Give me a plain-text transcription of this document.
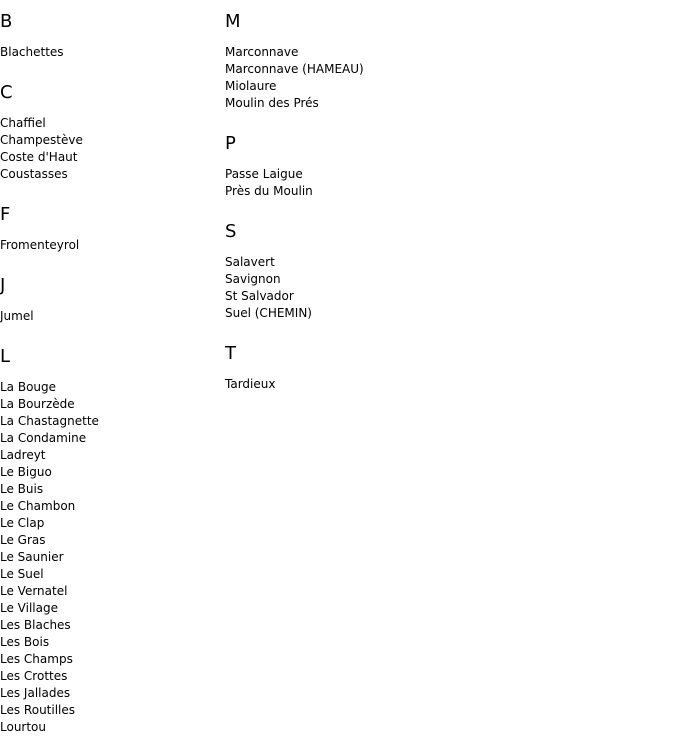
B
Blachettes
C
Chaffiel
Champestève
Coste d'Haut
Coustasses
F
Fromenteyrol
J
Jumel
L
La Bouge
La Bourzède
La Chastagnette
La Condamine
Ladreyt
Le Biguo
Le Buis
Le Chambon
Le Clap
Le Gras
Le Saunier
Le Suel
Le Vernatel
Le Village
Les Blaches
Les Bois
Les Champs
Les Crottes
Les Jallades
Les Routilles
Lourtou
M
Marconnave
Marconnave (HAMEAU)
Miolaure
Moulin des Prés
P
Passe Laigue
Près du Moulin
S
Salavert
Savignon
St Salvador
Suel (CHEMIN)
T
Tardieux
